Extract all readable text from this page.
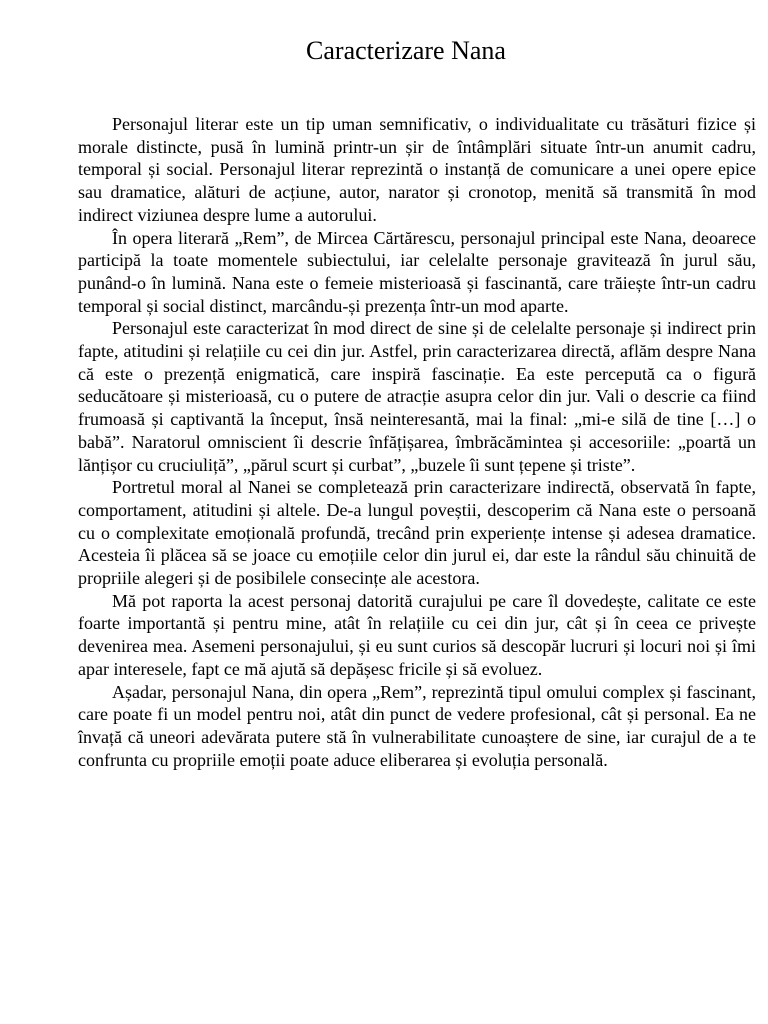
Caracterizare Nana

Personajul literar este un tip uman semnificativ, o individualitate cu trăsături fizice și morale distincte, pusă în lumină printr-un șir de întâmplări situate într-un anumit cadru, temporal și social. Personajul literar reprezintă o instanță de comunicare a unei opere epice sau dramatice, alături de acțiune, autor, narator și cronotop, menită să transmită în mod indirect viziunea despre lume a autorului.

În opera literară „Rem”, de Mircea Cărtărescu, personajul principal este Nana, deoarece participă la toate momentele subiectului, iar celelalte personaje gravitează în jurul său, punând-o în lumină. Nana este o femeie misterioasă și fascinantă, care trăiește într-un cadru temporal și social distinct, marcându-și prezența într-un mod aparte.

Personajul este caracterizat în mod direct de sine și de celelalte personaje și indirect prin fapte, atitudini și relațiile cu cei din jur. Astfel, prin caracterizarea directă, aflăm despre Nana că este o prezență enigmatică, care inspiră fascinație. Ea este percepută ca o figură seducătoare și misterioasă, cu o putere de atracție asupra celor din jur. Vali o descrie ca fiind frumoasă și captivantă la început, însă neinteresantă, mai la final: „mi-e silă de tine […] o babă”. Naratorul omniscient îi descrie înfățișarea, îmbrăcămintea și accesoriile: „poartă un lănțișor cu cruciuliță”, „părul scurt și curbat”, „buzele îi sunt țepene și triste”.

Portretul moral al Nanei se completează prin caracterizare indirectă, observată în fapte, comportament, atitudini și altele. De-a lungul poveștii, descoperim că Nana este o persoană cu o complexitate emoțională profundă, trecând prin experiențe intense și adesea dramatice. Acesteia îi plăcea să se joace cu emoțiile celor din jurul ei, dar este la rândul său chinuită de propriile alegeri și de posibilele consecințe ale acestora.

Mă pot raporta la acest personaj datorită curajului pe care îl dovedește, calitate ce este foarte importantă și pentru mine, atât în relațiile cu cei din jur, cât și în ceea ce privește devenirea mea. Asemeni personajului, și eu sunt curios să descopăr lucruri și locuri noi și îmi apar interesele, fapt ce mă ajută să depășesc fricile și să evoluez.

Așadar, personajul Nana, din opera „Rem”, reprezintă tipul omului complex și fascinant, care poate fi un model pentru noi, atât din punct de vedere profesional, cât și personal. Ea ne învață că uneori adevărata putere stă în vulnerabilitate cunoaștere de sine, iar curajul de a te confrunta cu propriile emoții poate aduce eliberarea și evoluția personală.
